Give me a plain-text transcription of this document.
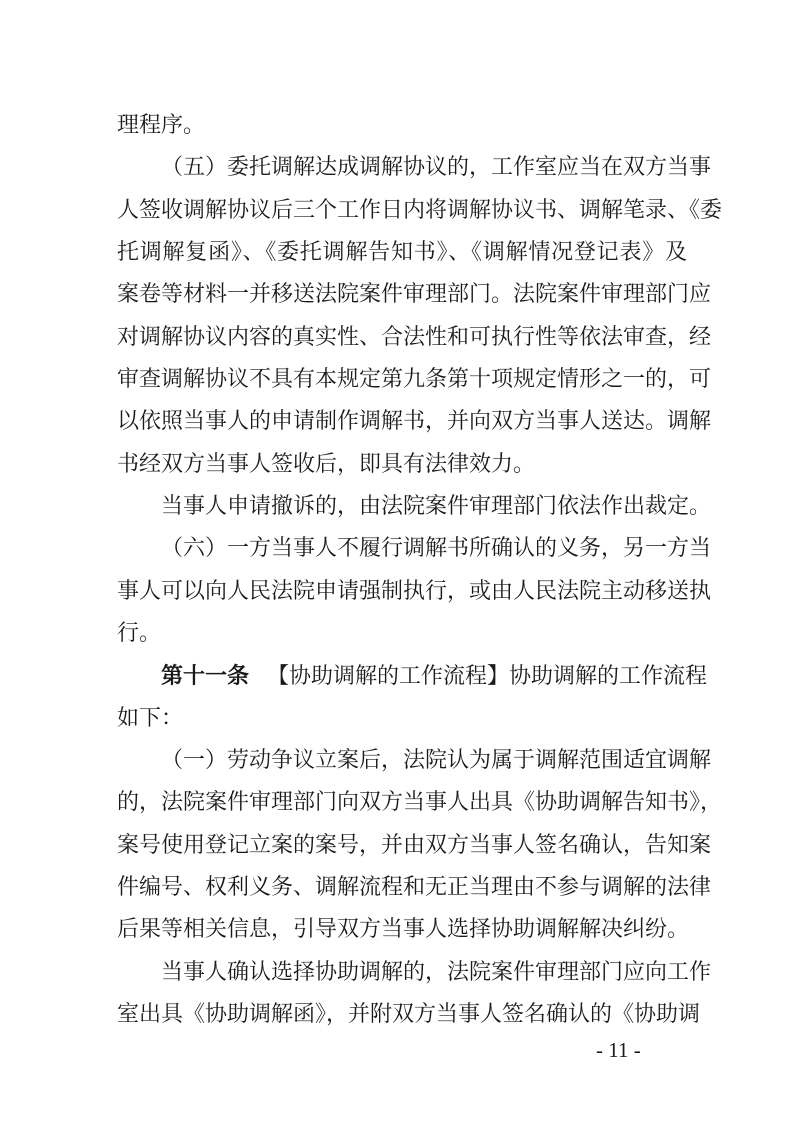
理程序。
（五）委托调解达成调解协议的，工作室应当在双方当事
人签收调解协议后三个工作日内将调解协议书、调解笔录、《委
托调解复函》、《委托调解告知书》、《调解情况登记表》及
案卷等材料一并移送法院案件审理部门。法院案件审理部门应
对调解协议内容的真实性、合法性和可执行性等依法审查，经
审查调解协议不具有本规定第九条第十项规定情形之一的，可
以依照当事人的申请制作调解书，并向双方当事人送达。调解
书经双方当事人签收后，即具有法律效力。
当事人申请撤诉的，由法院案件审理部门依法作出裁定。
（六）一方当事人不履行调解书所确认的义务，另一方当
事人可以向人民法院申请强制执行，或由人民法院主动移送执
行。
第十一条 【协助调解的工作流程】协助调解的工作流程
如下：
（一）劳动争议立案后，法院认为属于调解范围适宜调解
的，法院案件审理部门向双方当事人出具《协助调解告知书》，
案号使用登记立案的案号，并由双方当事人签名确认，告知案
件编号、权利义务、调解流程和无正当理由不参与调解的法律
后果等相关信息，引导双方当事人选择协助调解解决纠纷。
当事人确认选择协助调解的，法院案件审理部门应向工作
室出具《协助调解函》，并附双方当事人签名确认的《协助调
- 11 -
